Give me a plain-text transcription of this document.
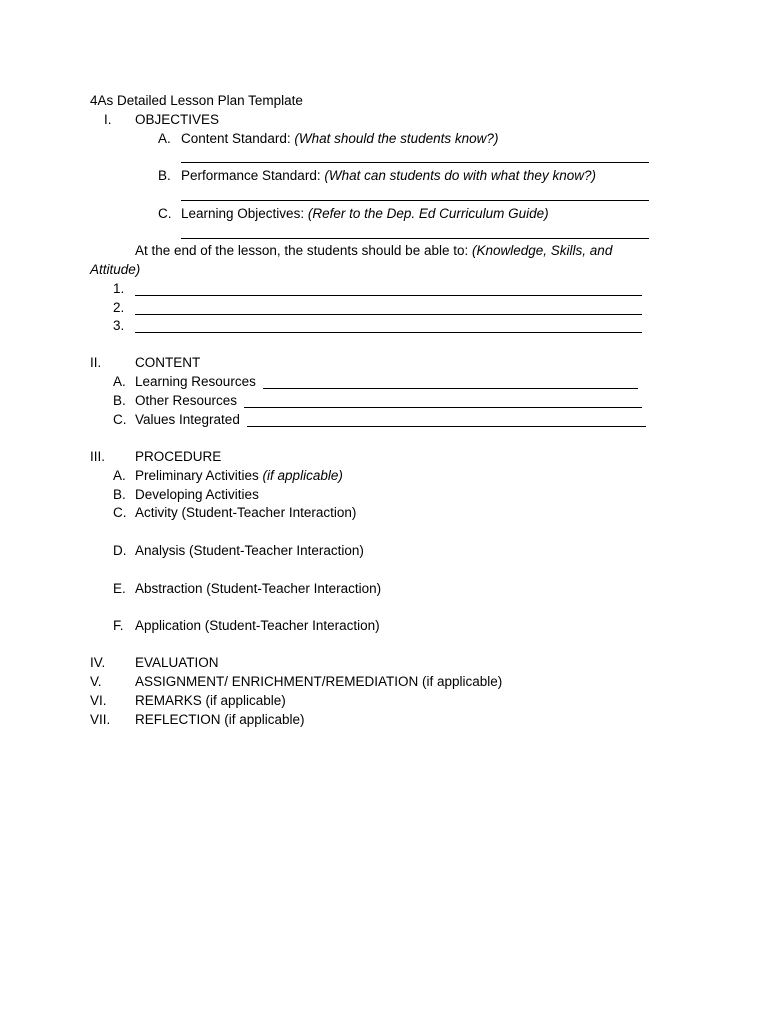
4As Detailed Lesson Plan Template
I. OBJECTIVES
A. Content Standard: (What should the students know?)
B. Performance Standard: (What can students do with what they know?)
C. Learning Objectives: (Refer to the Dep. Ed Curriculum Guide)
At the end of the lesson, the students should be able to: (Knowledge, Skills, and
Attitude)
1.
2.
3.
II. CONTENT
A. Learning Resources
B. Other Resources
C. Values Integrated
III. PROCEDURE
A. Preliminary Activities (if applicable)
B. Developing Activities
C. Activity (Student-Teacher Interaction)
D. Analysis (Student-Teacher Interaction)
E. Abstraction (Student-Teacher Interaction)
F. Application (Student-Teacher Interaction)
IV. EVALUATION
V. ASSIGNMENT/ ENRICHMENT/REMEDIATION (if applicable)
VI. REMARKS (if applicable)
VII. REFLECTION (if applicable)
